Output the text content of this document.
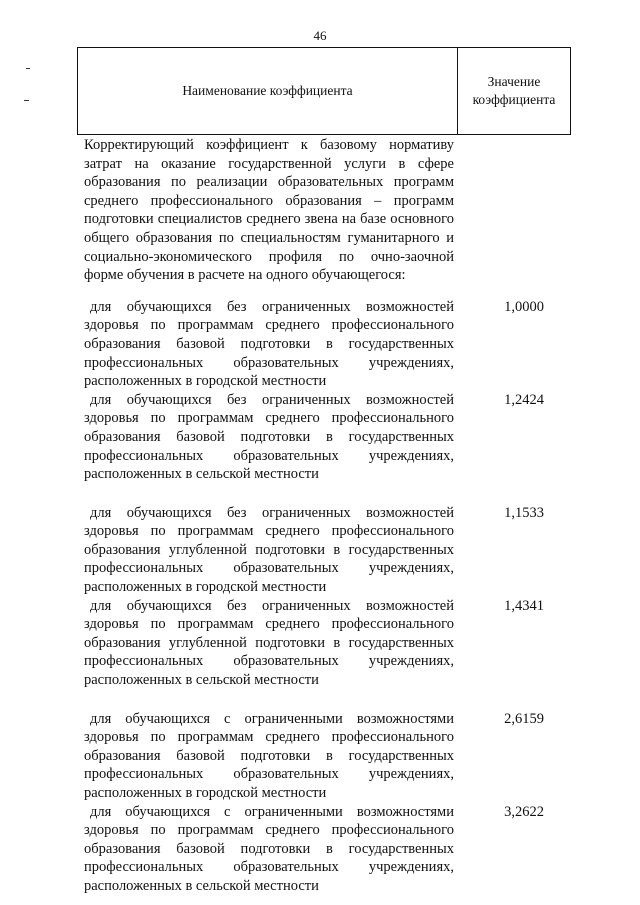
46
Наименование коэффициента
Значение коэффициента

Корректирующий коэффициент к базовому нормативу затрат на оказание государственной услуги в сфере образования по реализации образовательных программ среднего профессионального образования – программ подготовки специалистов среднего звена на базе основного общего образования по специальностям гуманитарного и социально-экономического профиля по очно-заочной форме обучения в расчете на одного обучающегося:

для обучающихся без ограниченных возможностей здоровья по программам среднего профессионального образования базовой подготовки в государственных профессиональных образовательных учреждениях, расположенных в городской местности

1,0000

для обучающихся без ограниченных возможностей здоровья по программам среднего профессионального образования базовой подготовки в государственных профессиональных образовательных учреждениях, расположенных в сельской местности

1,2424

для обучающихся без ограниченных возможностей здоровья по программам среднего профессионального образования углубленной подготовки в государственных профессиональных образовательных учреждениях, расположенных в городской местности

1,1533

для обучающихся без ограниченных возможностей здоровья по программам среднего профессионального образования углубленной подготовки в государственных профессиональных образовательных учреждениях, расположенных в сельской местности

1,4341

для обучающихся с ограниченными возможностями здоровья по программам среднего профессионального образования базовой подготовки в государственных профессиональных образовательных учреждениях, расположенных в городской местности

2,6159

для обучающихся с ограниченными возможностями здоровья по программам среднего профессионального образования базовой подготовки в государственных профессиональных образовательных учреждениях, расположенных в сельской местности

3,2622
